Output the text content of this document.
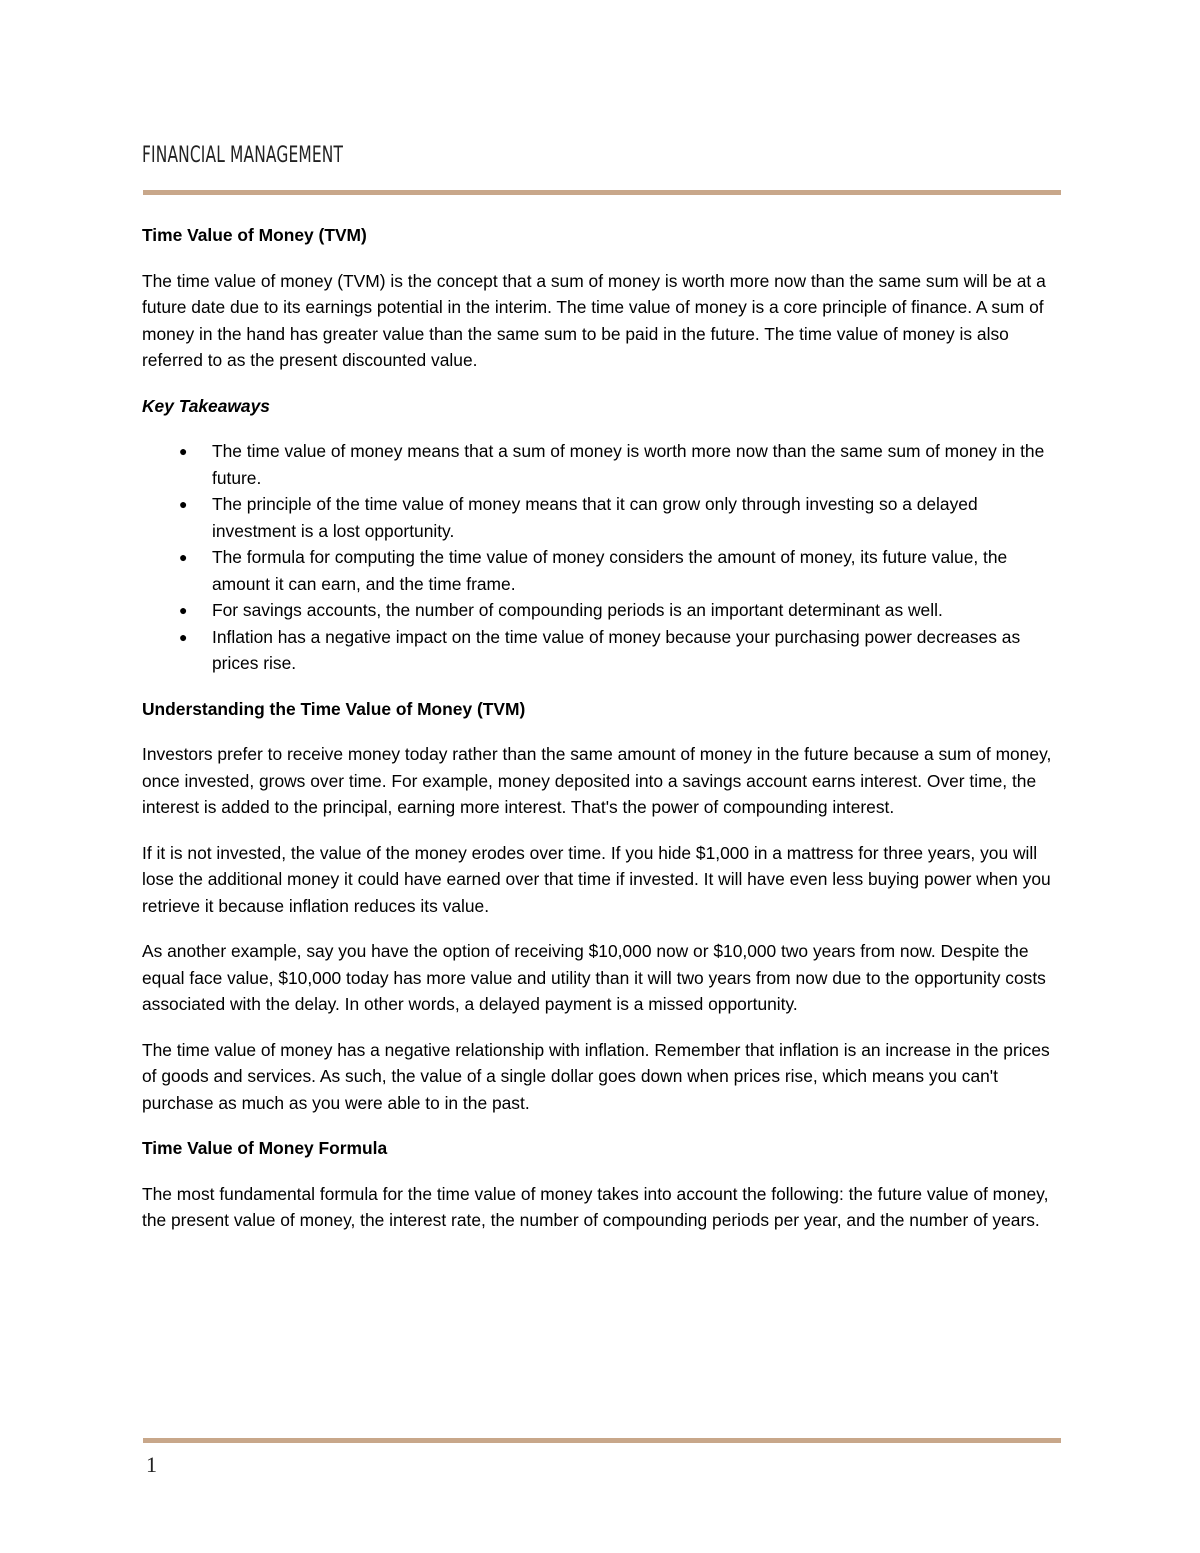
FINANCIAL MANAGEMENT
Time Value of Money (TVM)

The time value of money (TVM) is the concept that a sum of money is worth more now than the same sum will be at a future date due to its earnings potential in the interim. The time value of money is a core principle of finance. A sum of money in the hand has greater value than the same sum to be paid in the future. The time value of money is also referred to as the present discounted value.

Key Takeaways
● The time value of money means that a sum of money is worth more now than the same sum of money in the future.
● The principle of the time value of money means that it can grow only through investing so a delayed investment is a lost opportunity.
● The formula for computing the time value of money considers the amount of money, its future value, the amount it can earn, and the time frame.
● For savings accounts, the number of compounding periods is an important determinant as well.
● Inflation has a negative impact on the time value of money because your purchasing power decreases as prices rise.
Understanding the Time Value of Money (TVM)

Investors prefer to receive money today rather than the same amount of money in the future because a sum of money, once invested, grows over time. For example, money deposited into a savings account earns interest. Over time, the interest is added to the principal, earning more interest. That's the power of compounding interest.

If it is not invested, the value of the money erodes over time. If you hide $1,000 in a mattress for three years, you will lose the additional money it could have earned over that time if invested. It will have even less buying power when you retrieve it because inflation reduces its value.

As another example, say you have the option of receiving $10,000 now or $10,000 two years from now. Despite the equal face value, $10,000 today has more value and utility than it will two years from now due to the opportunity costs associated with the delay. In other words, a delayed payment is a missed opportunity.

The time value of money has a negative relationship with inflation. Remember that inflation is an increase in the prices of goods and services. As such, the value of a single dollar goes down when prices rise, which means you can't purchase as much as you were able to in the past.

Time Value of Money Formula

The most fundamental formula for the time value of money takes into account the following: the future value of money, the present value of money, the interest rate, the number of compounding periods per year, and the number of years.

1
